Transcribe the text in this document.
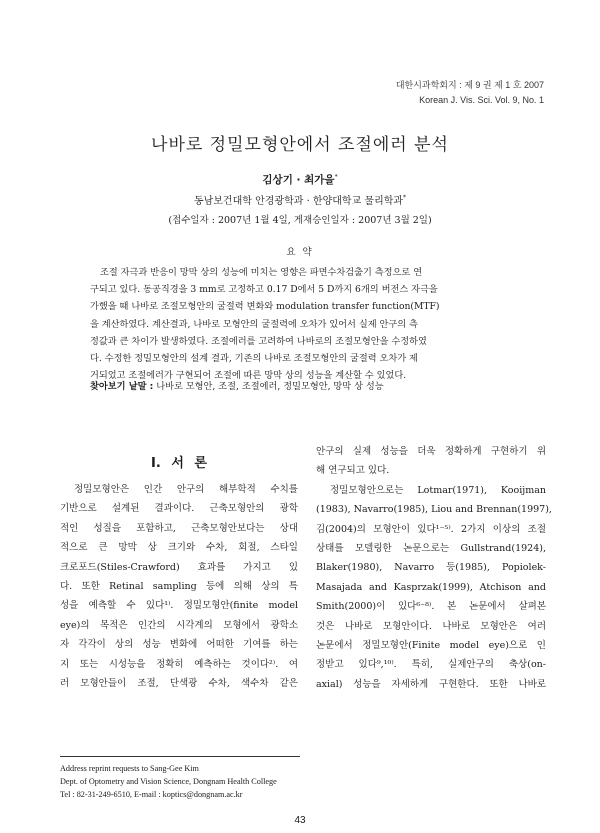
대한시과학회지 : 제 9 권 제 1 호 2007
Korean J. Vis. Sci. Vol. 9, No. 1
나바로 정밀모형안에서 조절에러 분석
김상기 · 최가을*
동남보건대학 안경광학과 · 한양대학교 물리학과*
(접수일자 : 2007년 1월 4일, 게재승인일자 : 2007년 3월 2일)
요 약
조절 자극과 반응이 망막 상의 성능에 미치는 영향은 파면수차검출기 측정으로 연
구되고 있다. 동공직경을 3 mm로 고정하고 0.17 D에서 5 D까지 6개의 버전스 자극을
가했을 때 나바로 조절모형안의 굴절력 변화와 modulation transfer function(MTF)
을 계산하였다. 계산결과, 나바로 모형안의 굴절력에 오차가 있어서 실제 안구의 측
정값과 큰 차이가 발생하였다. 조절에러를 고려하여 나바로의 조절모형안을 수정하였
다. 수정한 정밀모형안의 설계 결과, 기존의 나바로 조절모형안의 굴절력 오차가 제
거되었고 조절에러가 구현되어 조절에 따른 망막 상의 성능을 계산할 수 있었다.
찾아보기 낱말 : 나바로 모형안, 조절, 조절에러, 정밀모형안, 망막 상 성능
I. 서 론
정밀모형안은 인간 안구의 해부학적 수치를
기반으로 설계된 결과이다. 근축모형안의 광학
적인 성질을 포함하고, 근축모형안보다는 상대
적으로 큰 망막 상 크기와 수차, 회절, 스타일
크로포드(Stiles-Crawford) 효과를 가지고 있
다. 또한 Retinal sampling 등에 의해 상의 특
성을 예측할 수 있다¹⁾. 정밀모형안(finite model
eye)의 목적은 인간의 시각계의 모형에서 광학소
자 각각이 상의 성능 변화에 어떠한 기여를 하는
지 또는 시성능을 정확히 예측하는 것이다²⁾. 여
러 모형안들이 조절, 단색광 수차, 색수차 같은
안구의 실제 성능을 더욱 정확하게 구현하기 위
해 연구되고 있다.
정밀모형안으로는 Lotmar(1971), Kooijman
(1983), Navarro(1985), Liou and Brennan(1997),
김(2004)의 모형안이 있다¹⁻⁵⁾. 2가지 이상의 조절
상태를 모델링한 논문으로는 Gullstrand(1924),
Blaker(1980), Navarro 등(1985), Popiolek-
Masajada and Kasprzak(1999), Atchison and
Smith(2000)이 있다⁶⁻⁸⁾. 본 논문에서 살펴본
것은 나바로 모형안이다. 나바로 모형안은 여러
논문에서 정밀모형안(Finite model eye)으로 인
정받고 있다⁹,¹⁰⁾. 특히, 실제안구의 축상(on-
axial) 성능을 자세하게 구현한다. 또한 나바로
Address reprint requests to Sang-Gee Kim
Dept. of Optometry and Vision Science, Dongnam Health College
Tel : 82-31-249-6510, E-mail : koptics@dongnam.ac.kr
43
